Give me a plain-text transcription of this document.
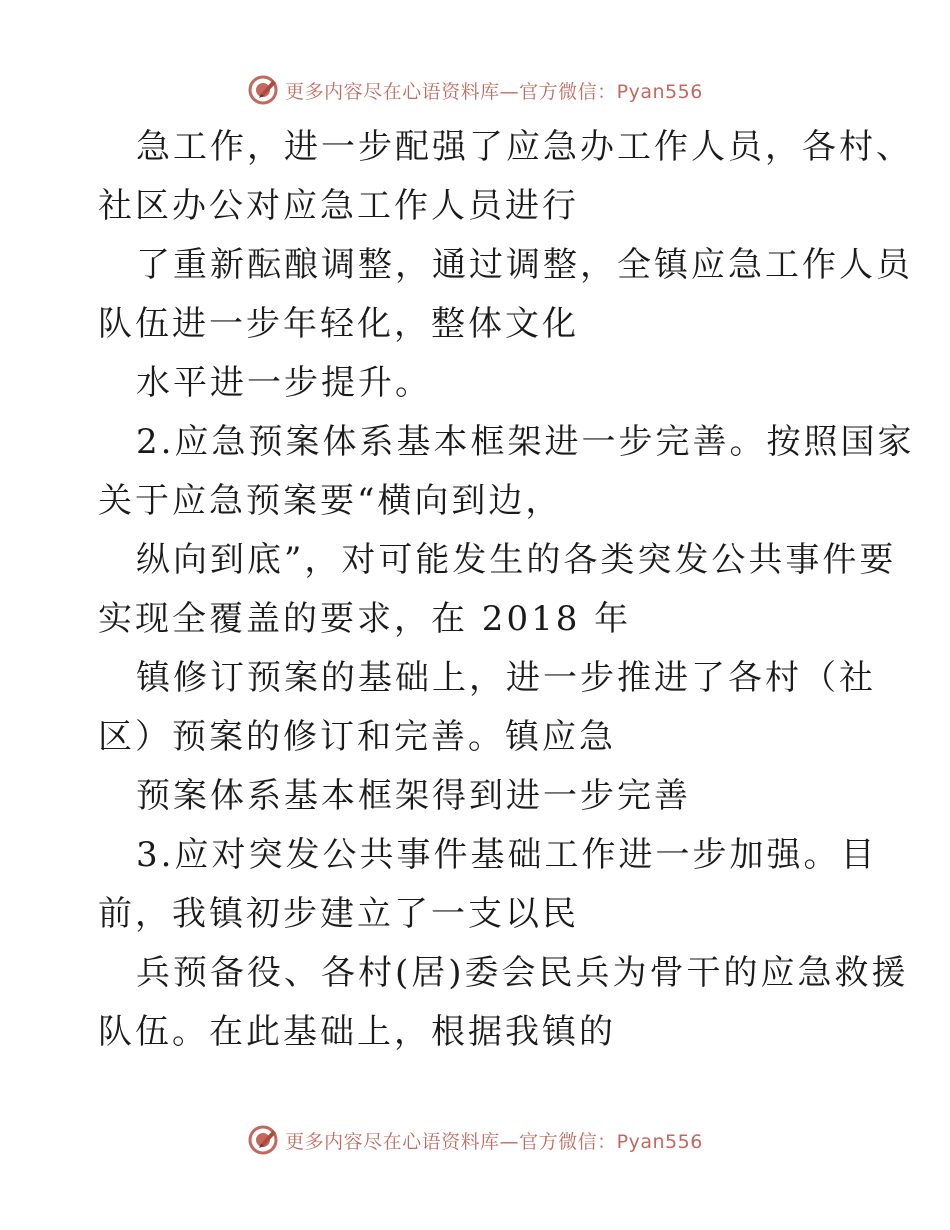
更多内容尽在心语资料库—官方微信：Pyan556
急工作，进一步配强了应急办工作人员，各村、
社区办公对应急工作人员进行
了重新酝酿调整，通过调整，全镇应急工作人员
队伍进一步年轻化，整体文化
水平进一步提升。
2.应急预案体系基本框架进一步完善。按照国家
关于应急预案要“横向到边，
纵向到底”，对可能发生的各类突发公共事件要
实现全覆盖的要求，在 2018 年
镇修订预案的基础上，进一步推进了各村（社
区）预案的修订和完善。镇应急
预案体系基本框架得到进一步完善
3.应对突发公共事件基础工作进一步加强。目
前，我镇初步建立了一支以民
兵预备役、各村(居)委会民兵为骨干的应急救援
队伍。在此基础上，根据我镇的
更多内容尽在心语资料库—官方微信：Pyan556
